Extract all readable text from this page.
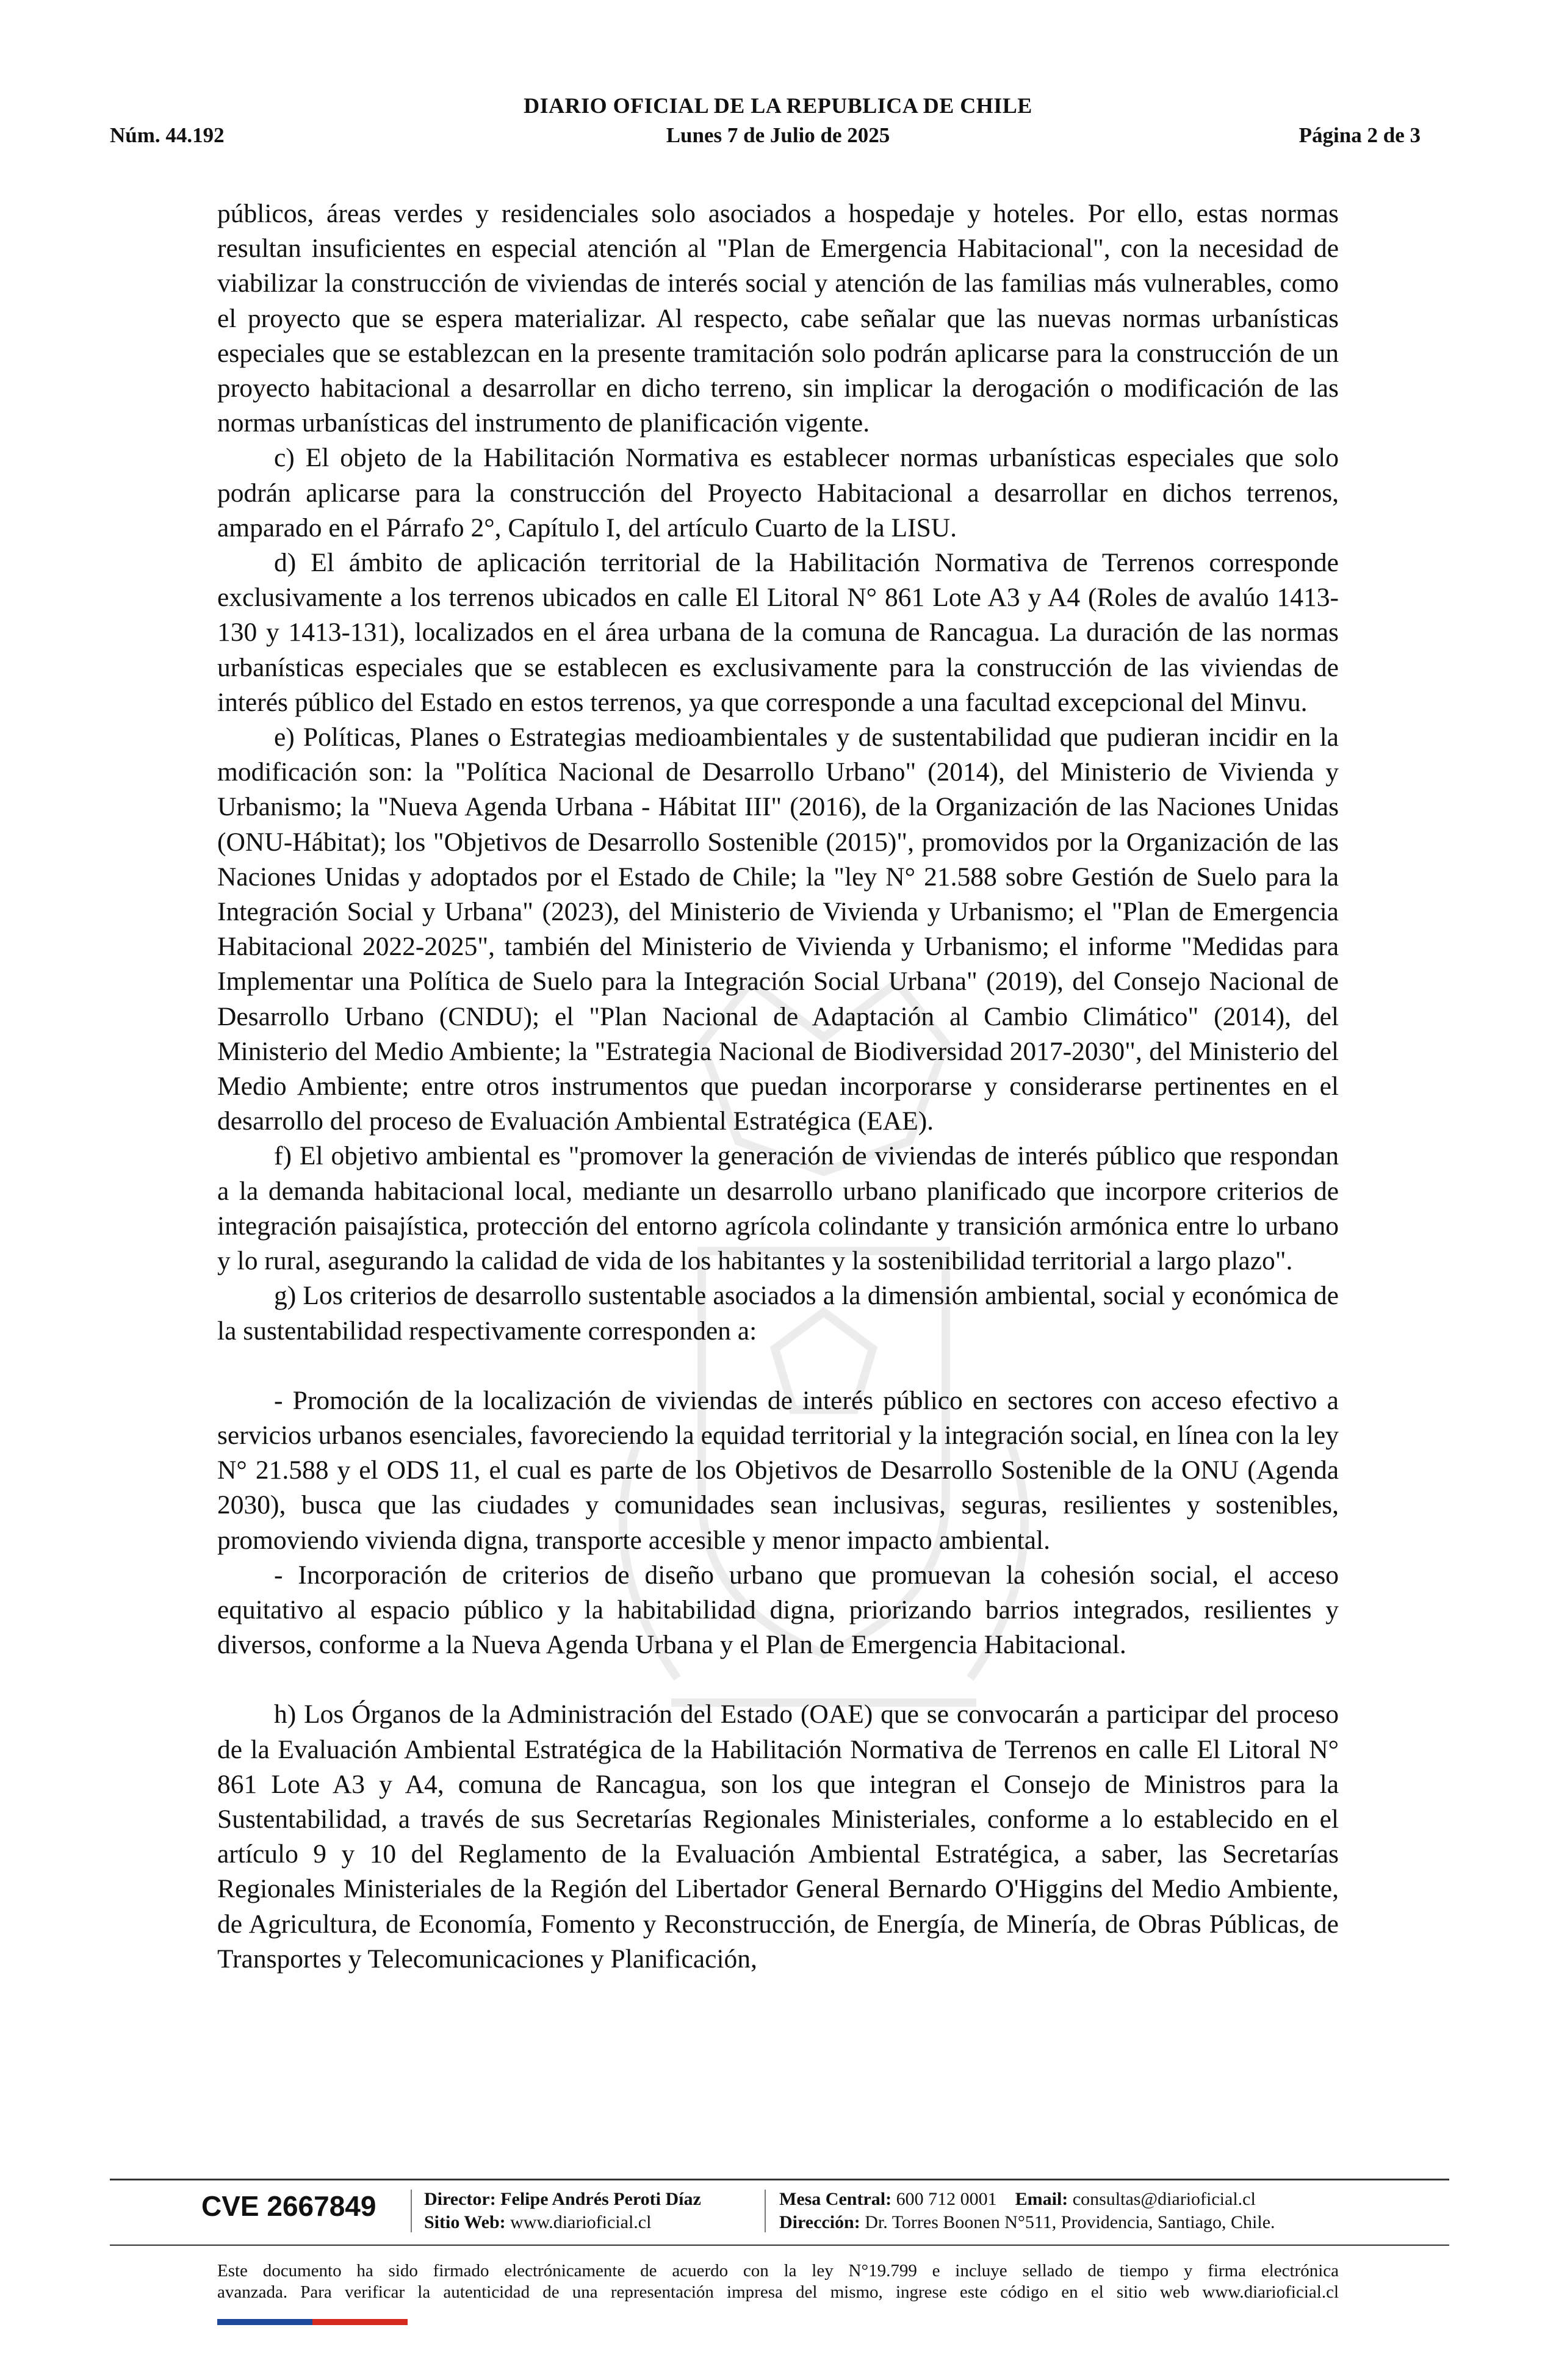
DIARIO OFICIAL DE LA REPUBLICA DE CHILE
Núm. 44.192	Lunes 7 de Julio de 2025	Página 2 de 3

públicos, áreas verdes y residenciales solo asociados a hospedaje y hoteles. Por ello, estas normas resultan insuficientes en especial atención al "Plan de Emergencia Habitacional", con la necesidad de viabilizar la construcción de viviendas de interés social y atención de las familias más vulnerables, como el proyecto que se espera materializar. Al respecto, cabe señalar que las nuevas normas urbanísticas especiales que se establezcan en la presente tramitación solo podrán aplicarse para la construcción de un proyecto habitacional a desarrollar en dicho terreno, sin implicar la derogación o modificación de las normas urbanísticas del instrumento de planificación vigente.

c) El objeto de la Habilitación Normativa es establecer normas urbanísticas especiales que solo podrán aplicarse para la construcción del Proyecto Habitacional a desarrollar en dichos terrenos, amparado en el Párrafo 2°, Capítulo I, del artículo Cuarto de la LISU.

d) El ámbito de aplicación territorial de la Habilitación Normativa de Terrenos corresponde exclusivamente a los terrenos ubicados en calle El Litoral N° 861 Lote A3 y A4 (Roles de avalúo 1413-130 y 1413-131), localizados en el área urbana de la comuna de Rancagua. La duración de las normas urbanísticas especiales que se establecen es exclusivamente para la construcción de las viviendas de interés público del Estado en estos terrenos, ya que corresponde a una facultad excepcional del Minvu.

e) Políticas, Planes o Estrategias medioambientales y de sustentabilidad que pudieran incidir en la modificación son: la "Política Nacional de Desarrollo Urbano" (2014), del Ministerio de Vivienda y Urbanismo; la "Nueva Agenda Urbana - Hábitat III" (2016), de la Organización de las Naciones Unidas (ONU-Hábitat); los "Objetivos de Desarrollo Sostenible (2015)", promovidos por la Organización de las Naciones Unidas y adoptados por el Estado de Chile; la "ley N° 21.588 sobre Gestión de Suelo para la Integración Social y Urbana" (2023), del Ministerio de Vivienda y Urbanismo; el "Plan de Emergencia Habitacional 2022-2025", también del Ministerio de Vivienda y Urbanismo; el informe "Medidas para Implementar una Política de Suelo para la Integración Social Urbana" (2019), del Consejo Nacional de Desarrollo Urbano (CNDU); el "Plan Nacional de Adaptación al Cambio Climático" (2014), del Ministerio del Medio Ambiente; la "Estrategia Nacional de Biodiversidad 2017-2030", del Ministerio del Medio Ambiente; entre otros instrumentos que puedan incorporarse y considerarse pertinentes en el desarrollo del proceso de Evaluación Ambiental Estratégica (EAE).

f) El objetivo ambiental es "promover la generación de viviendas de interés público que respondan a la demanda habitacional local, mediante un desarrollo urbano planificado que incorpore criterios de integración paisajística, protección del entorno agrícola colindante y transición armónica entre lo urbano y lo rural, asegurando la calidad de vida de los habitantes y la sostenibilidad territorial a largo plazo".

g) Los criterios de desarrollo sustentable asociados a la dimensión ambiental, social y económica de la sustentabilidad respectivamente corresponden a:

- Promoción de la localización de viviendas de interés público en sectores con acceso efectivo a servicios urbanos esenciales, favoreciendo la equidad territorial y la integración social, en línea con la ley N° 21.588 y el ODS 11, el cual es parte de los Objetivos de Desarrollo Sostenible de la ONU (Agenda 2030), busca que las ciudades y comunidades sean inclusivas, seguras, resilientes y sostenibles, promoviendo vivienda digna, transporte accesible y menor impacto ambiental.

- Incorporación de criterios de diseño urbano que promuevan la cohesión social, el acceso equitativo al espacio público y la habitabilidad digna, priorizando barrios integrados, resilientes y diversos, conforme a la Nueva Agenda Urbana y el Plan de Emergencia Habitacional.

h) Los Órganos de la Administración del Estado (OAE) que se convocarán a participar del proceso de la Evaluación Ambiental Estratégica de la Habilitación Normativa de Terrenos en calle El Litoral N° 861 Lote A3 y A4, comuna de Rancagua, son los que integran el Consejo de Ministros para la Sustentabilidad, a través de sus Secretarías Regionales Ministeriales, conforme a lo establecido en el artículo 9 y 10 del Reglamento de la Evaluación Ambiental Estratégica, a saber, las Secretarías Regionales Ministeriales de la Región del Libertador General Bernardo O'Higgins del Medio Ambiente, de Agricultura, de Economía, Fomento y Reconstrucción, de Energía, de Minería, de Obras Públicas, de Transportes y Telecomunicaciones y Planificación,

CVE 2667849	Director: Felipe Andrés Peroti Díaz
Sitio Web: www.diarioficial.cl
Mesa Central: 600 712 0001 Email: consultas@diarioficial.cl
Dirección: Dr. Torres Boonen N°511, Providencia, Santiago, Chile.
Este documento ha sido firmado electrónicamente de acuerdo con la ley N°19.799 e incluye sellado de tiempo y firma electrónica
avanzada. Para verificar la autenticidad de una representación impresa del mismo, ingrese este código en el sitio web www.diarioficial.cl
